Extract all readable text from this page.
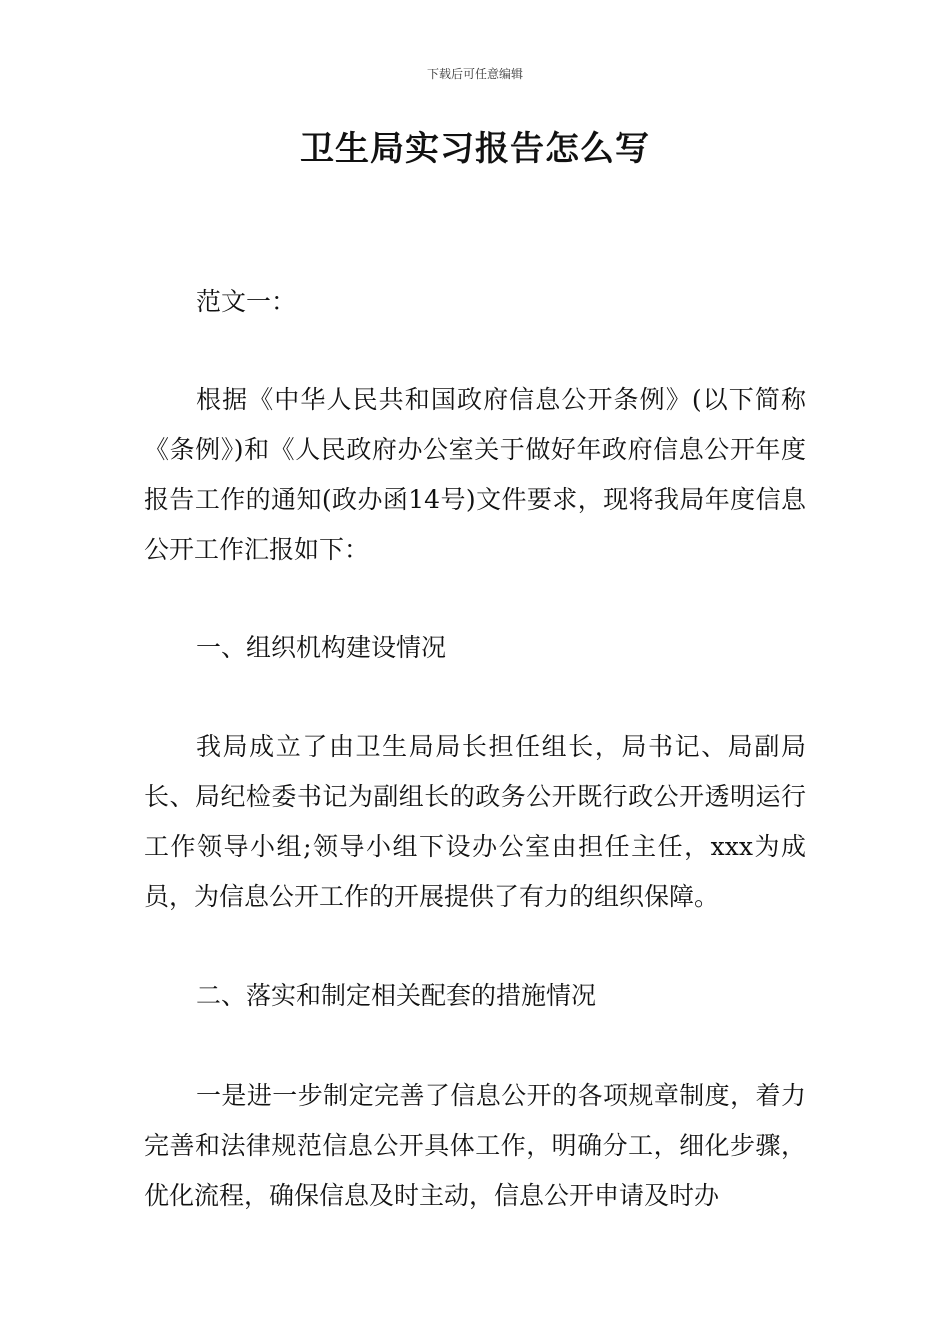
下载后可任意编辑
卫生局实习报告怎么写

范文一：

根据《中华人民共和国政府信息公开条例》(以下简称《条例》)和《人民政府办公室关于做好年政府信息公开年度报告工作的通知(政办函14号)文件要求，现将我局年度信息公开工作汇报如下：

一、组织机构建设情况

我局成立了由卫生局局长担任组长，局书记、局副局长、局纪检委书记为副组长的政务公开既行政公开透明运行工作领导小组;领导小组下设办公室由担任主任，xxx为成员，为信息公开工作的开展提供了有力的组织保障。

二、落实和制定相关配套的措施情况

一是进一步制定完善了信息公开的各项规章制度，着力完善和法律规范信息公开具体工作，明确分工，细化步骤，优化流程，确保信息及时主动，信息公开申请及时办
